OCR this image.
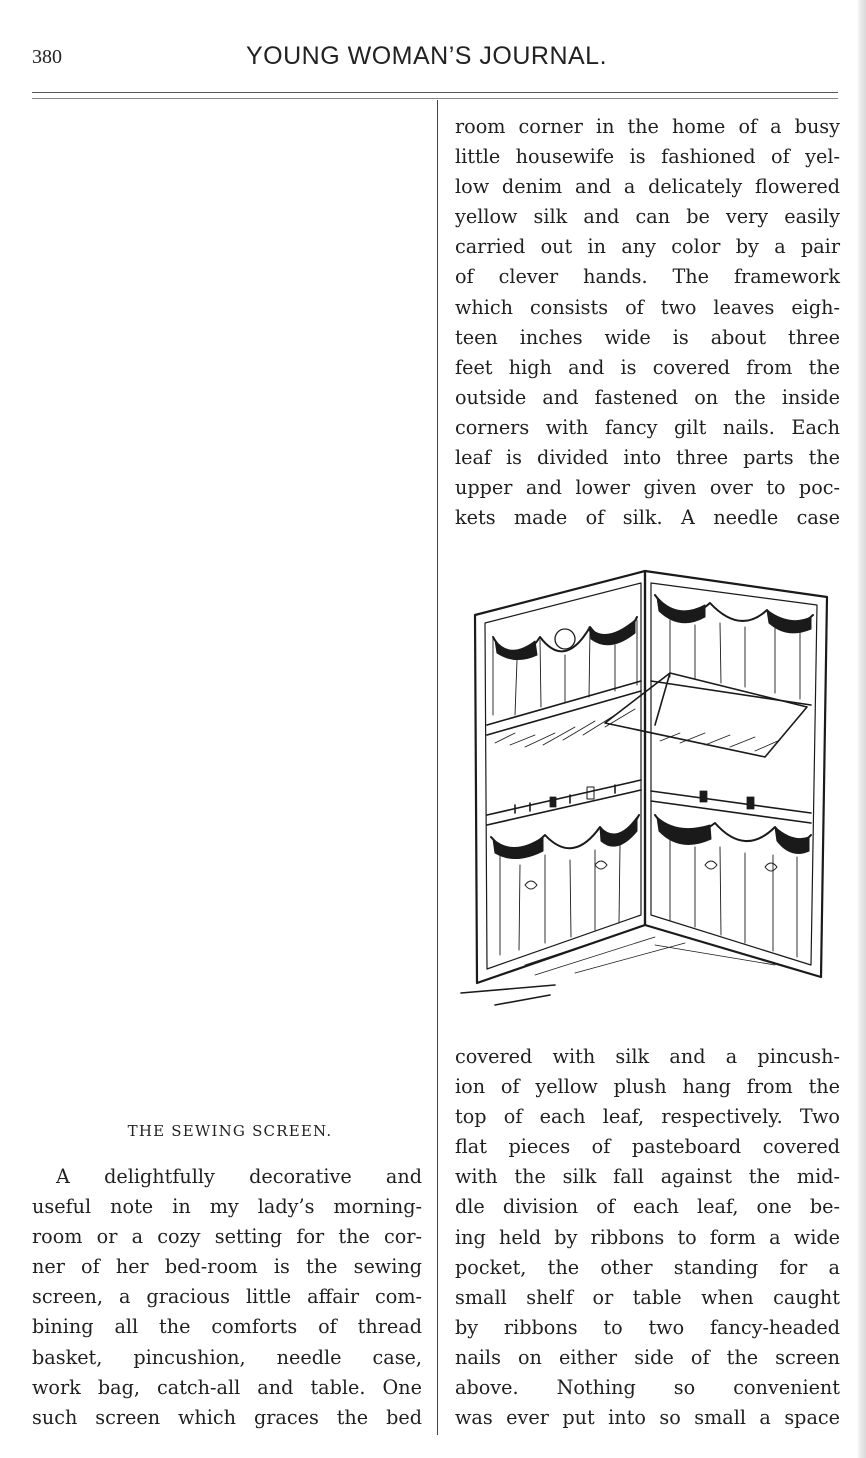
380	YOUNG WOMAN’S JOURNAL.
room corner in the home of a busy
little housewife is fashioned of yel-
low denim and a delicately flowered
yellow silk and can be very easily
carried out in any color by a pair
of clever hands. The framework
which consists of two leaves eigh-
teen inches wide is about three
feet high and is covered from the
outside and fastened on the inside
corners with fancy gilt nails. Each
leaf is divided into three parts the
upper and lower given over to poc-
kets made of silk. A needle case
covered with silk and a pincush-
ion of yellow plush hang from the
top of each leaf, respectively. Two
flat pieces of pasteboard covered
with the silk fall against the mid-
dle division of each leaf, one be-
ing held by ribbons to form a wide
pocket, the other standing for a
small shelf or table when caught
by ribbons to two fancy-headed
nails on either side of the screen
above. Nothing so convenient
was ever put into so small a space
THE SEWING SCREEN.
A delightfully decorative and
useful note in my lady’s morning-
room or a cozy setting for the cor-
ner of her bed-room is the sewing
screen, a gracious little affair com-
bining all the comforts of thread
basket, pincushion, needle case,
work bag, catch-all and table. One
such screen which graces the bed
